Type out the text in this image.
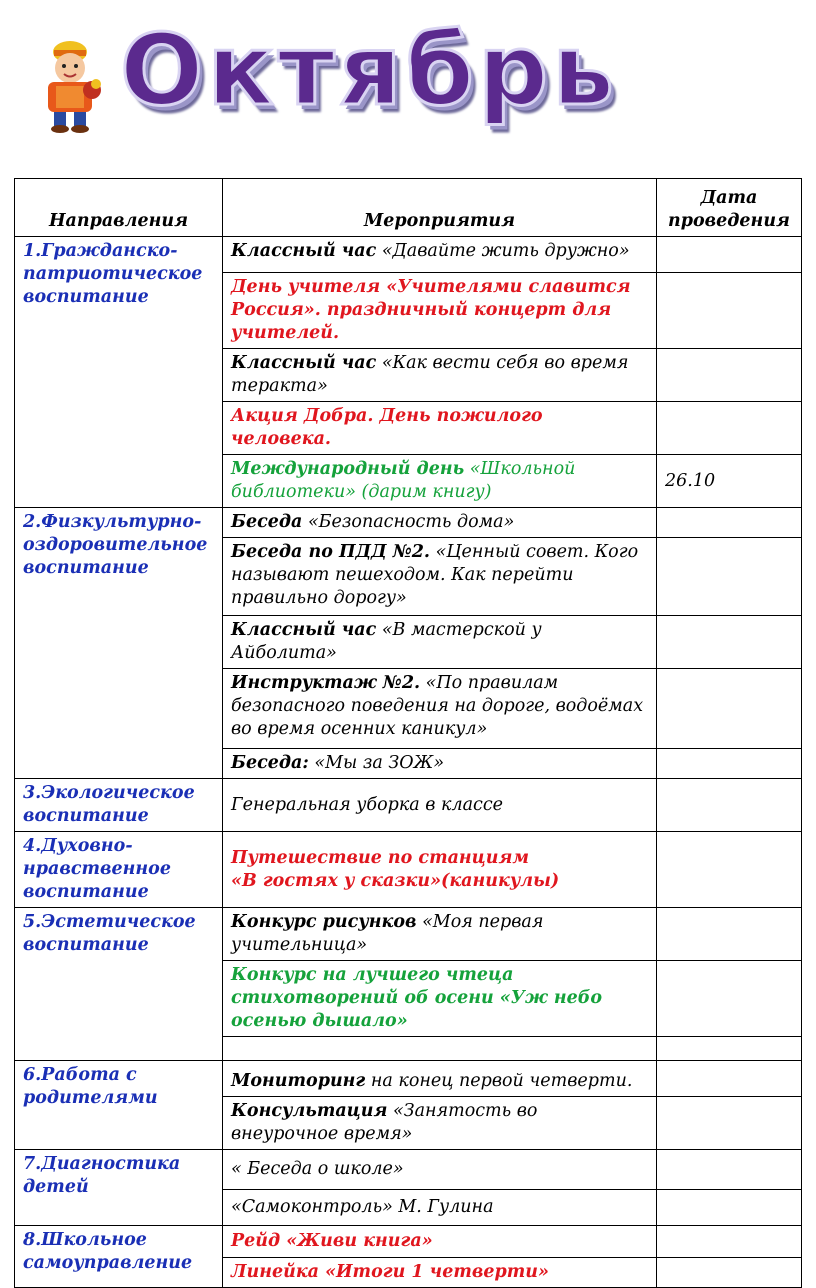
Октябрь
Направления	Мероприятия	Дата проведения
1.Гражданско-патриотическое воспитание	Классный час «Давайте жить дружно»	
	День учителя «Учителями славится Россия». праздничный концерт для учителей.	
	Классный час «Как вести себя во время теракта»	
	Акция Добра. День пожилого человека.	
	Международный день «Школьной библиотеки» (дарим книгу)	26.10
2.Физкультурно-оздоровительное воспитание	Беседа «Безопасность дома»	
	Беседа по ПДД №2. «Ценный совет. Кого называют пешеходом. Как перейти правильно дорогу»	
	Классный час «В мастерской у Айболита»	
	Инструктаж №2. «По правилам безопасного поведения на дороге, водоёмах во время осенних каникул»	
	Беседа: «Мы за ЗОЖ»	
3.Экологическое воспитание	Генеральная уборка в классе	
4.Духовно-нравственное воспитание	Путешествие по станциям
«В гостях у сказки»(каникулы)	

5.Эстетическое воспитание	Конкурс рисунков «Моя первая учительница»	
	Конкурс на лучшего чтеца стихотворений об осени «Уж небо осенью дышало»	

6.Работа с родителями	Мониторинг на конец первой четверти.	
	Консультация «Занятость во внеурочное время»	
7.Диагностика детей	« Беседа о школе»	
	«Самоконтроль» М. Гулина	
8.Школьное самоуправление	Рейд «Живи книга»	
	Линейка «Итоги 1 четверти»	
